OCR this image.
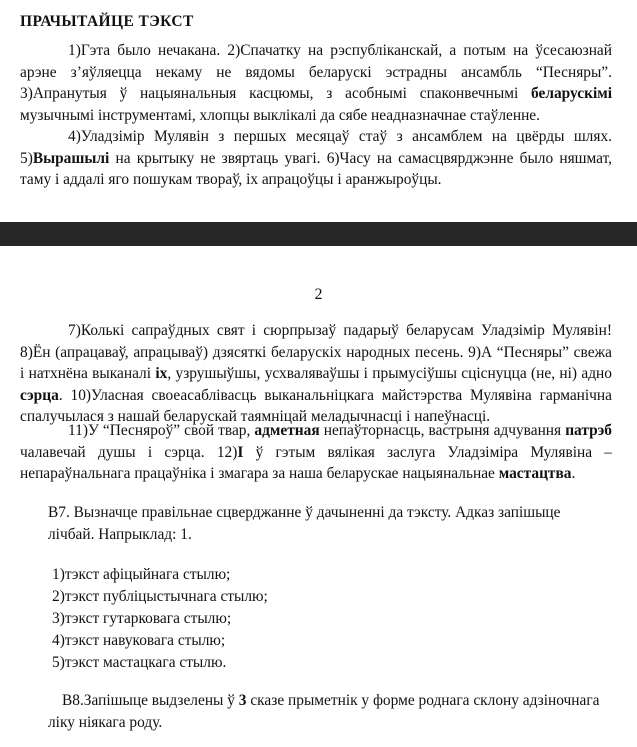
ПРАЧЫТАЙЦЕ ТЭКСТ

1)Гэта было нечакана. 2)Спачатку на рэспубліканскай, а потым на ўсесаюзнай арэне з’яўляецца некаму не вядомы беларускі эстрадны ансамбль “Песняры”. 3)Апранутыя ў нацыянальныя касцюмы, з асобнымі спаконвечнымі беларускімі музычнымі інструментамі, хлопцы выклікалі да сябе неадназначнае стаўленне.

4)Уладзімір Мулявін з першых месяцаў стаў з ансамблем на цвёрды шлях. 5)Вырашылі на крытыку не звяртаць увагі. 6)Часу на самасцвярджэнне было няшмат, таму і аддалі яго пошукам твораў, іх апрацоўцы і аранжыроўцы.

2

7)Колькі сапраўдных свят і сюрпрызаў падарыў беларусам Уладзімір Мулявін! 8)Ён (апрацаваў, апрацываў) дзясяткі беларускіх народных песень. 9)А “Песняры” свежа і натхнёна выканалі іх, узрушыўшы, усхваляваўшы і прымусіўшы сціснуцца (не, ні) адно сэрца. 10)Уласная своеасаблівасць выканальніцкага майстэрства Мулявіна гарманічна спалучылася з нашай беларускай таямніцай меладычнасці і напеўнасці.

11)У “Песняроў” свой твар, адметная непаўторнасць, вастрыня адчування патрэб чалавечай душы і сэрца. 12)І ў гэтым вялікая заслуга Уладзіміра Мулявіна – непараўнальнага працаўніка і змагара за наша беларускае нацыянальнае мастацтва.

В7. Вызначце правільнае сцверджанне ў дачыненні да тэксту. Адказ запішыце лічбай. Напрыклад: 1.

1)тэкст афіцыйнага стылю;
2)тэкст публіцыстычнага стылю;
3)тэкст гутарковага стылю;
4)тэкст навуковага стылю;
5)тэкст мастацкага стылю.

В8.Запішыце выдзелены ў 3 сказе прыметнік у форме роднага склону адзіночнага ліку ніякага роду.
